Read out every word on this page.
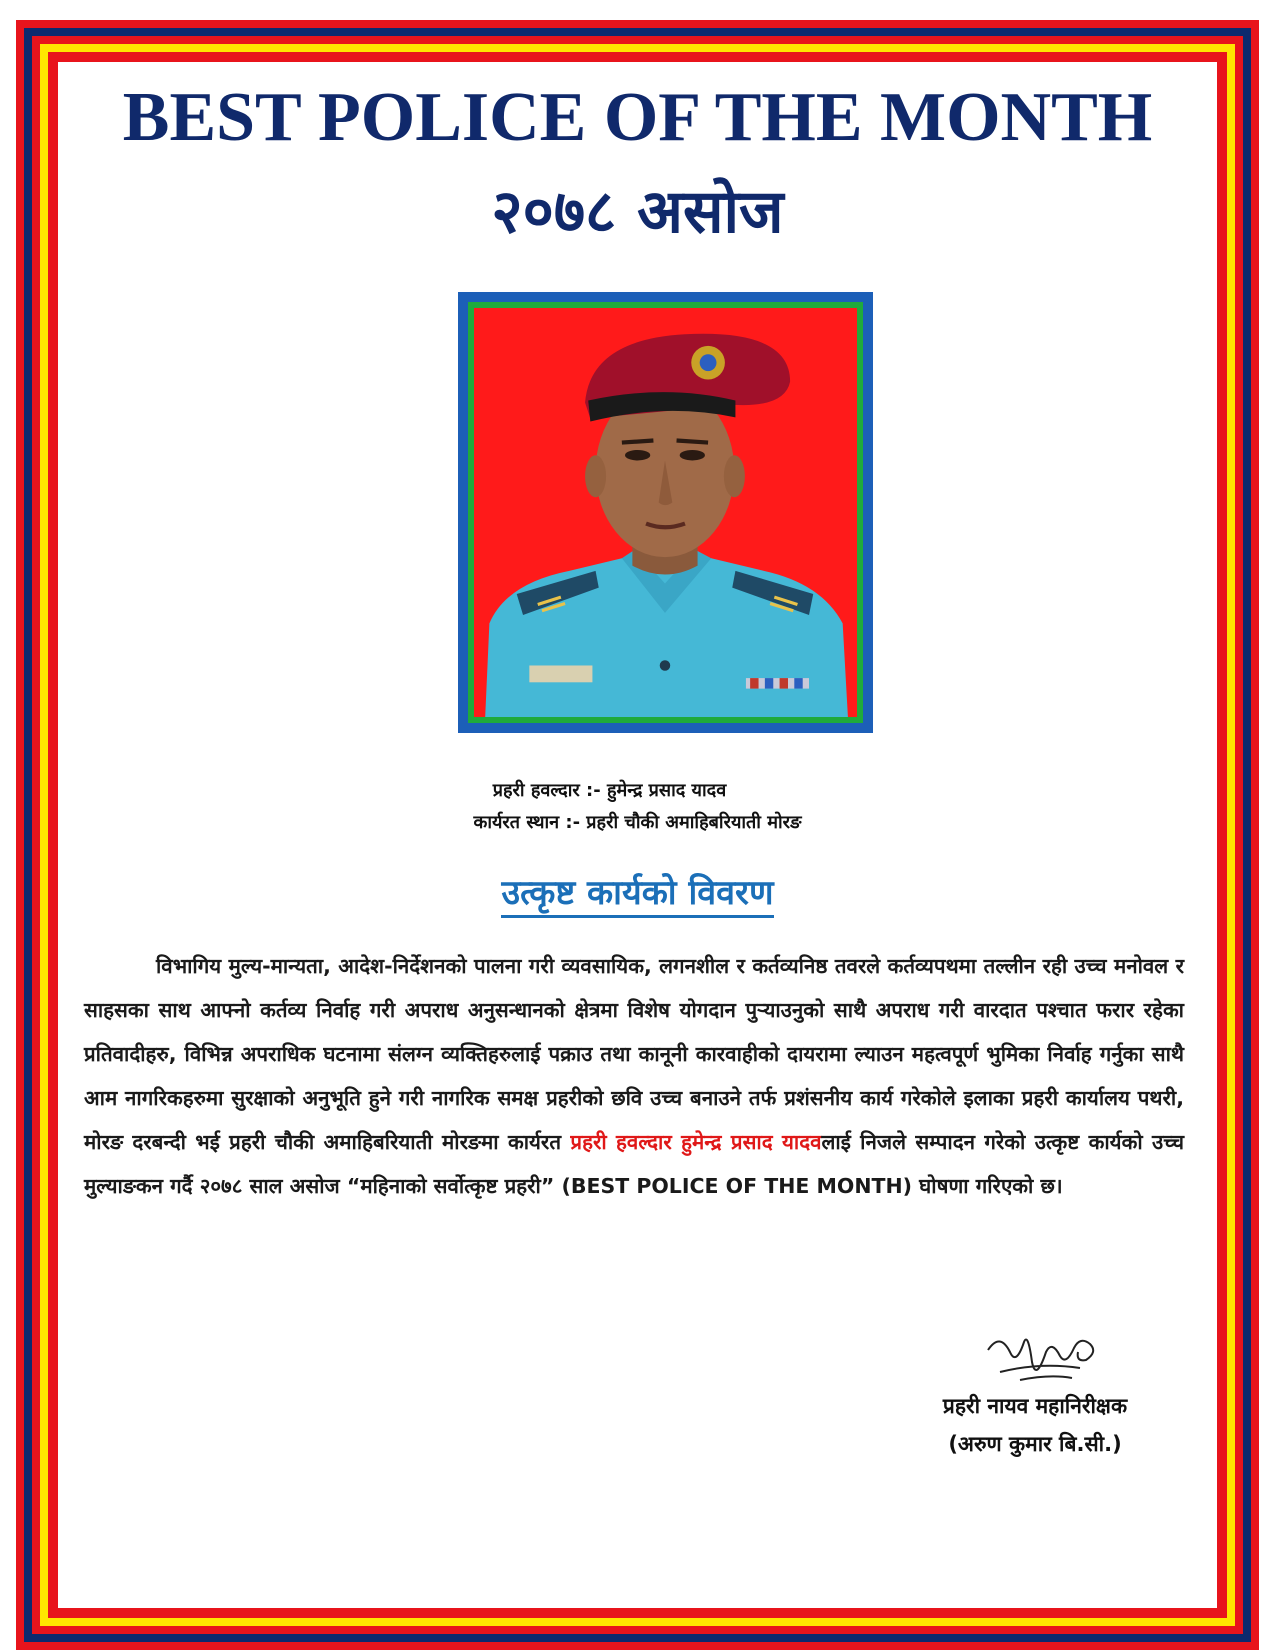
BEST POLICE OF THE MONTH
२०७८ असोज
प्रहरी हवल्दार :- हुमेन्द्र प्रसाद यादव
कार्यरत स्थान :- प्रहरी चौकी अमाहिबरियाती मोरङ
उत्कृष्ट कार्यको विवरण

विभागिय मुल्य-मान्यता, आदेश-निर्देशनको पालना गरी व्यवसायिक, लगनशील र कर्तव्यनिष्ठ तवरले कर्तव्यपथमा तल्लीन रही उच्च मनोवल र साहसका साथ आफ्नो कर्तव्य निर्वाह गरी अपराध अनुसन्धानको क्षेत्रमा विशेष योगदान पुर्‍याउनुको साथै अपराध गरी वारदात पश्चात फरार रहेका प्रतिवादीहरु, विभिन्न अपराधिक घटनामा संलग्न व्यक्तिहरुलाई पक्राउ तथा कानूनी कारवाहीको दायरामा ल्याउन महत्वपूर्ण भुमिका निर्वाह गर्नुका साथै आम नागरिकहरुमा सुरक्षाको अनुभूति हुने गरी नागरिक समक्ष प्रहरीको छवि उच्च बनाउने तर्फ प्रशंसनीय कार्य गरेकोले इलाका प्रहरी कार्यालय पथरी, मोरङ दरबन्दी भई प्रहरी चौकी अमाहिबरियाती मोरङमा कार्यरत प्रहरी हवल्दार हुमेन्द्र प्रसाद यादवलाई निजले सम्पादन गरेको उत्कृष्ट कार्यको उच्च मुल्याङकन गर्दै २०७८ साल असोज “महिनाको सर्वोत्कृष्ट प्रहरी” (BEST POLICE OF THE MONTH) घोषणा गरिएको छ।

प्रहरी नायव महानिरीक्षक
(अरुण कुमार बि.सी.)
